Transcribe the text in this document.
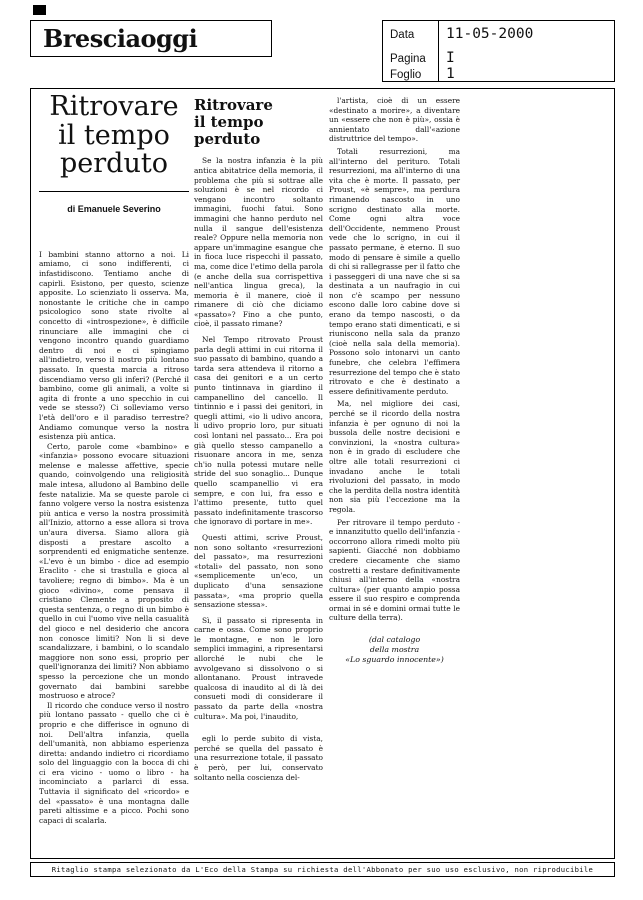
Bresciaoggi	Data	11-05-2000
Pagina	I
Foglio	1
Ritrovare
il tempo
perduto
di Emanuele Severino

I bambini stanno attorno a noi. Li amiamo, ci sono indifferenti, ci infastidiscono. Tentiamo anche di capirli. Esistono, per questo, scienze apposite. Lo scienziato li osserva. Ma, nonostante le critiche che in campo psicologico sono state rivolte al concetto di «introspezione», è difficile rinunciare alle immagini che ci vengono incontro quando guardiamo dentro di noi e ci spingiamo all'indietro, verso il nostro più lontano passato. In questa marcia a ritroso discendiamo verso gli inferi? (Perché il bambino, come gli animali, a volte si agita di fronte a uno specchio in cui vede se stesso?) Ci solleviamo verso l'età dell'oro e il paradiso terrestre? Andiamo comunque verso la nostra esistenza più antica.

Certo, parole come «bambino» e «infanzia» possono evocare situazioni melense e malesse affettive, specie quando, coinvolgendo una religiosità male intesa, alludono al Bambino delle feste natalizie. Ma se queste parole ci fanno volgere verso la nostra esistenza più antica e verso la nostra prossimità all'Inizio, attorno a esse allora si trova un'aura diversa. Siamo allora già disposti a prestare ascolto a sorprendenti ed enigmatiche sentenze. «L'evo è un bimbo - dice ad esempio Eraclito - che si trastulla e gioca al tavoliere; regno di bimbo». Ma è un gioco «divino», come pensava il cristiano Clemente a proposito di questa sentenza, o regno di un bimbo è quello in cui l'uomo vive nella casualità del gioco e nel desiderio che ancora non conosce limiti? Non li si deve scandalizzare, i bambini, o lo scandalo maggiore non sono essi, proprio per quell'ignoranza dei limiti? Non abbiamo spesso la percezione che un mondo governato dai bambini sarebbe mostruoso e atroce?

Il ricordo che conduce verso il nostro più lontano passato - quello che ci è proprio e che differisce in ognuno di noi. Dell'altra infanzia, quella dell'umanità, non abbiamo esperienza diretta: andando indietro ci ricordiamo solo del linguaggio con la bocca di chi ci era vicino - uomo o libro - ha incominciato a parlarci di essa. Tuttavia il significato del «ricordo» e del «passato» è una montagna dalle pareti altissime e a picco. Pochi sono capaci di scalarla.

Ritrovare
il tempo perduto

Se la nostra infanzia è la più antica abitatrice della memoria, il problema che più si sottrae alle soluzioni è se nel ricordo ci vengano incontro soltanto immagini, fuochi fatui. Sono immagini che hanno perduto nel nulla il sangue dell'esistenza reale? Oppure nella memoria non appare un'immagine esangue che in fioca luce rispecchi il passato, ma, come dice l'etimo della parola (e anche della sua corrispettiva nell'antica lingua greca), la memoria è il manere, cioè il rimanere di ciò che diciamo «passato»? Fino a che punto, cioè, il passato rimane?

Nel Tempo ritrovato Proust parla degli attimi in cui ritorna il suo passato di bambino, quando a tarda sera attendeva il ritorno a casa dei genitori e a un certo punto tintinnava in giardino il campanellino del cancello. Il tintinnio e i passi dei genitori, in quegli attimi, «io li udivo ancora, li udivo proprio loro, pur situati così lontani nel passato... Era poi già quello stesso campanello a risuonare ancora in me, senza ch'io nulla potessi mutare nelle stride del suo sonaglio... Dunque quello scampanellio vi era sempre, e con lui, fra esso e l'attimo presente, tutto quel passato indefinitamente trascorso che ignoravo di portare in me».

Questi attimi, scrive Proust, non sono soltanto «resurrezioni del passato», ma resurrezioni «totali» del passato, non sono «semplicemente un'eco, un duplicato d'una sensazione passata», «ma proprio quella sensazione stessa».

Sì, il passato si ripresenta in carne e ossa. Come sono proprio le montagne, e non le loro semplici immagini, a ripresentarsi allorché le nubi che le avvolgevano si dissolvono o si allontanano. Proust intravede qualcosa di inaudito al di là dei consueti modi di considerare il passato da parte della «nostra cultura». Ma poi, l'inaudito,

egli lo perde subito di vista, perché se quella del passato è una resurrezione totale, il passato è però, per lui, conservato soltanto nella coscienza del-

l'artista, cioè di un essere «destinato a morire», a diventare un «essere che non è più», ossia è annientato dall'«azione distruttrice del tempo».

Totali resurrezioni, ma all'interno del perituro. Totali resurrezioni, ma all'interno di una vita che è morte. Il passato, per Proust, «è sempre», ma perdura rimanendo nascosto in uno scrigno destinato alla morte. Come ogni altra voce dell'Occidente, nemmeno Proust vede che lo scrigno, in cui il passato permane, è eterno. Il suo modo di pensare è simile a quello di chi si rallegrasse per il fatto che i passeggeri di una nave che si sa destinata a un naufragio in cui non c'è scampo per nessuno escono dalle loro cabine dove si erano da tempo nascosti, o da tempo erano stati dimenticati, e si riuniscono nella sala da pranzo (cioè nella sala della memoria). Possono solo intonarvi un canto funebre, che celebra l'effimera resurrezione del tempo che è stato ritrovato e che è destinato a essere definitivamente perduto.

Ma, nel migliore dei casi, perché se il ricordo della nostra infanzia è per ognuno di noi la bussola delle nostre decisioni e convinzioni, la «nostra cultura» non è in grado di escludere che oltre alle totali resurrezioni ci invadano anche le totali rivoluzioni del passato, in modo che la perdita della nostra identità non sia più l'eccezione ma la regola.

Per ritrovare il tempo perduto - e innanzitutto quello dell'infanzia - occorrono allora rimedi molto più sapienti. Giacché non dobbiamo credere ciecamente che siamo costretti a restare definitivamente chiusi all'interno della «nostra cultura» (per quanto ampio possa essere il suo respiro e comprenda ormai in sé e domini ormai tutte le culture della terra).

(dal catalogo
della mostra
«Lo sguardo innocente»)
Ritaglio stampa selezionato da L'Eco della Stampa su richiesta dell'Abbonato per suo uso esclusivo, non riproducibile
